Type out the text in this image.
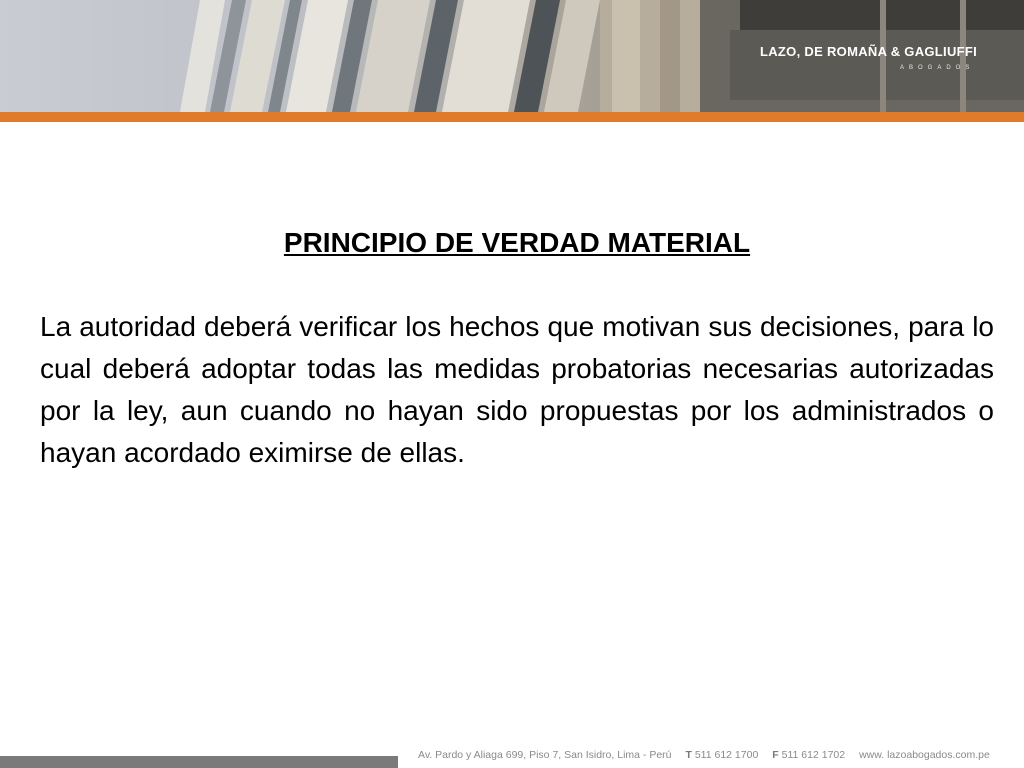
LAZO, DE ROMAÑA & GAGLIUFFI
ABOGADOS
PRINCIPIO DE VERDAD MATERIAL

La autoridad deberá verificar los hechos que motivan sus decisiones, para lo cual deberá adoptar todas las medidas probatorias necesarias autorizadas por la ley, aun cuando no hayan sido propuestas por los administrados o hayan acordado eximirse de ellas.

Av. Pardo y Aliaga 699, Piso 7, San Isidro, Lima - Perú T 511 612 1700 F 511 612 1702 www. lazoabogados.com.pe
